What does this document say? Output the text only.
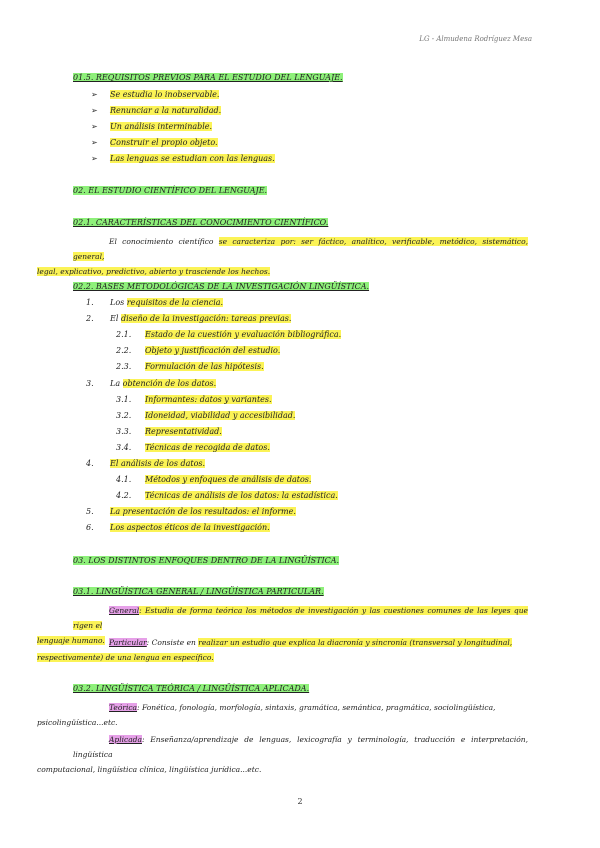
LG - Almudena Rodríguez Mesa
01.5. REQUISITOS PREVIOS PARA EL ESTUDIO DEL LENGUAJE.
➢ Se estudia lo inobservable.
➢ Renunciar a la naturalidad.
➢ Un análisis interminable.
➢ Construir el propio objeto.
➢ Las lenguas se estudian con las lenguas.
02. EL ESTUDIO CIENTÍFICO DEL LENGUAJE.
02.1. CARACTERÍSTICAS DEL CONOCIMIENTO CIENTÍFICO.
El conocimiento científico se caracteriza por: ser fáctico, analítico, verificable, metódico, sistemático, general,
legal, explicativo, predictivo, abierto y trasciende los hechos.
02.2. BASES METODOLÓGICAS DE LA INVESTIGACIÓN LINGÜÍSTICA.
1. Los requisitos de la ciencia.
2. El diseño de la investigación: tareas previas.
2.1. Estado de la cuestión y evaluación bibliográfica.
2.2. Objeto y justificación del estudio.
2.3. Formulación de las hipótesis.
3. La obtención de los datos.
3.1. Informantes: datos y variantes.
3.2. Idoneidad, viabilidad y accesibilidad.
3.3. Representatividad.
3.4. Técnicas de recogida de datos.
4. El análisis de los datos.
4.1. Métodos y enfoques de análisis de datos.
4.2. Técnicas de análisis de los datos: la estadística.
5. La presentación de los resultados: el informe.
6. Los aspectos éticos de la investigación.
03. LOS DISTINTOS ENFOQUES DENTRO DE LA LINGÜÍSTICA.
03.1. LINGÜÍSTICA GENERAL / LINGÜÍSTICA PARTICULAR.
General: Estudia de forma teórica los métodos de investigación y las cuestiones comunes de las leyes que rigen el
lenguaje humano. Particular: Consiste en realizar un estudio que explica la diacronía y sincronía (transversal y longitudinal,
respectivamente) de una lengua en específico.
03.2. LINGÜÍSTICA TEÓRICA / LINGÜÍSTICA APLICADA.
Teórica: Fonética, fonología, morfología, sintaxis, gramática, semántica, pragmática, sociolingüística,
psicolingüística...etc.
Aplicada: Enseñanza/aprendizaje de lenguas, lexicografía y terminología, traducción e interpretación, lingüística
computacional, lingüística clínica, lingüística jurídica...etc.
2
